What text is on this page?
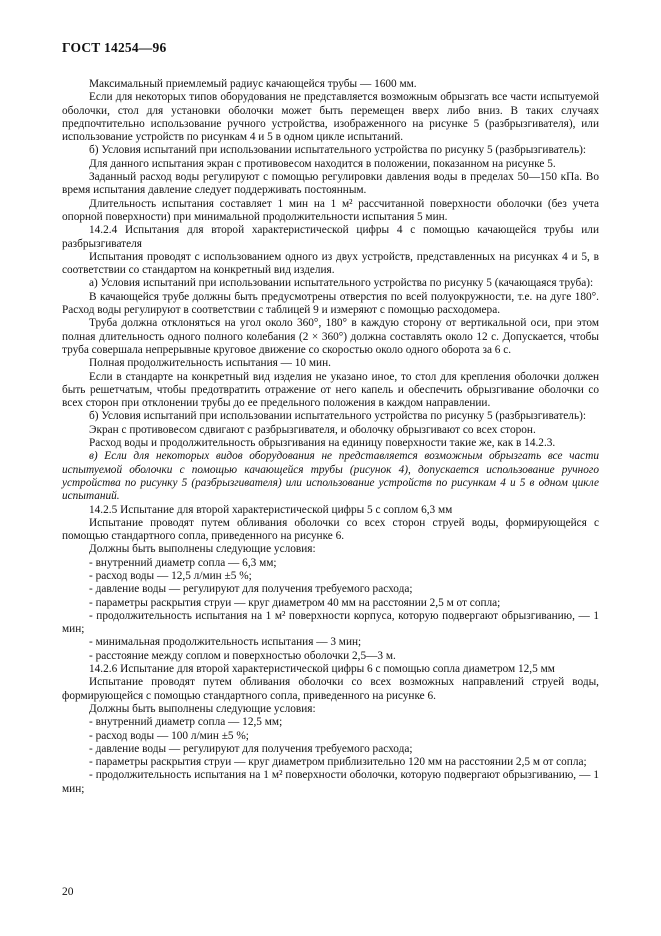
ГОСТ 14254—96

Максимальный приемлемый радиус качающейся трубы — 1600 мм.

Если для некоторых типов оборудования не представляется возможным обрызгать все части испытуемой оболочки, стол для установки оболочки может быть перемещен вверх либо вниз. В таких случаях предпочтительно использование ручного устройства, изображенного на рисунке 5 (разбрызгивателя), или использование устройств по рисункам 4 и 5 в одном цикле испытаний.

б) Условия испытаний при использовании испытательного устройства по рисунку 5 (разбрызгиватель):

Для данного испытания экран с противовесом находится в положении, показанном на рисунке 5.

Заданный расход воды регулируют с помощью регулировки давления воды в пределах 50—150 кПа. Во время испытания давление следует поддерживать постоянным.

Длительность испытания составляет 1 мин на 1 м² рассчитанной поверхности оболочки (без учета опорной поверхности) при минимальной продолжительности испытания 5 мин.

14.2.4 Испытания для второй характеристической цифры 4 с помощью качающейся трубы или разбрызгивателя

Испытания проводят с использованием одного из двух устройств, представленных на рисунках 4 и 5, в соответствии со стандартом на конкретный вид изделия.

а) Условия испытаний при использовании испытательного устройства по рисунку 5 (качающаяся труба):

В качающейся трубе должны быть предусмотрены отверстия по всей полуокружности, т.е. на дуге 180°. Расход воды регулируют в соответствии с таблицей 9 и измеряют с помощью расходомера.

Труба должна отклоняться на угол около 360°, 180° в каждую сторону от вертикальной оси, при этом полная длительность одного полного колебания (2 × 360°) должна составлять около 12 с. Допускается, чтобы труба совершала непрерывные круговое движение со скоростью около одного оборота за 6 с.

Полная продолжительность испытания — 10 мин.

Если в стандарте на конкретный вид изделия не указано иное, то стол для крепления оболочки должен быть решетчатым, чтобы предотвратить отражение от него капель и обеспечить обрызгивание оболочки со всех сторон при отклонении трубы до ее предельного положения в каждом направлении.

б) Условия испытаний при использовании испытательного устройства по рисунку 5 (разбрызгиватель):

Экран с противовесом сдвигают с разбрызгивателя, и оболочку обрызгивают со всех сторон.

Расход воды и продолжительность обрызгивания на единицу поверхности такие же, как в 14.2.3.

в) Если для некоторых видов оборудования не представляется возможным обрызгать все части испытуемой оболочки с помощью качающейся трубы (рисунок 4), допускается использование ручного устройства по рисунку 5 (разбрызгивателя) или использование устройств по рисункам 4 и 5 в одном цикле испытаний.

14.2.5 Испытание для второй характеристической цифры 5 с соплом 6,3 мм

Испытание проводят путем обливания оболочки со всех сторон струей воды, формирующейся с помощью стандартного сопла, приведенного на рисунке 6.

Должны быть выполнены следующие условия:

- внутренний диаметр сопла — 6,3 мм;

- расход воды — 12,5 л/мин ±5 %;

- давление воды — регулируют для получения требуемого расхода;

- параметры раскрытия струи — круг диаметром 40 мм на расстоянии 2,5 м от сопла;

- продолжительность испытания на 1 м² поверхности корпуса, которую подвергают обрызгиванию, — 1 мин;

- минимальная продолжительность испытания — 3 мин;

- расстояние между соплом и поверхностью оболочки 2,5—3 м.

14.2.6 Испытание для второй характеристической цифры 6 с помощью сопла диаметром 12,5 мм

Испытание проводят путем обливания оболочки со всех возможных направлений струей воды, формирующейся с помощью стандартного сопла, приведенного на рисунке 6.

Должны быть выполнены следующие условия:

- внутренний диаметр сопла — 12,5 мм;

- расход воды — 100 л/мин ±5 %;

- давление воды — регулируют для получения требуемого расхода;

- параметры раскрытия струи — круг диаметром приблизительно 120 мм на расстоянии 2,5 м от сопла;

- продолжительность испытания на 1 м² поверхности оболочки, которую подвергают обрызгиванию, — 1 мин;

20
